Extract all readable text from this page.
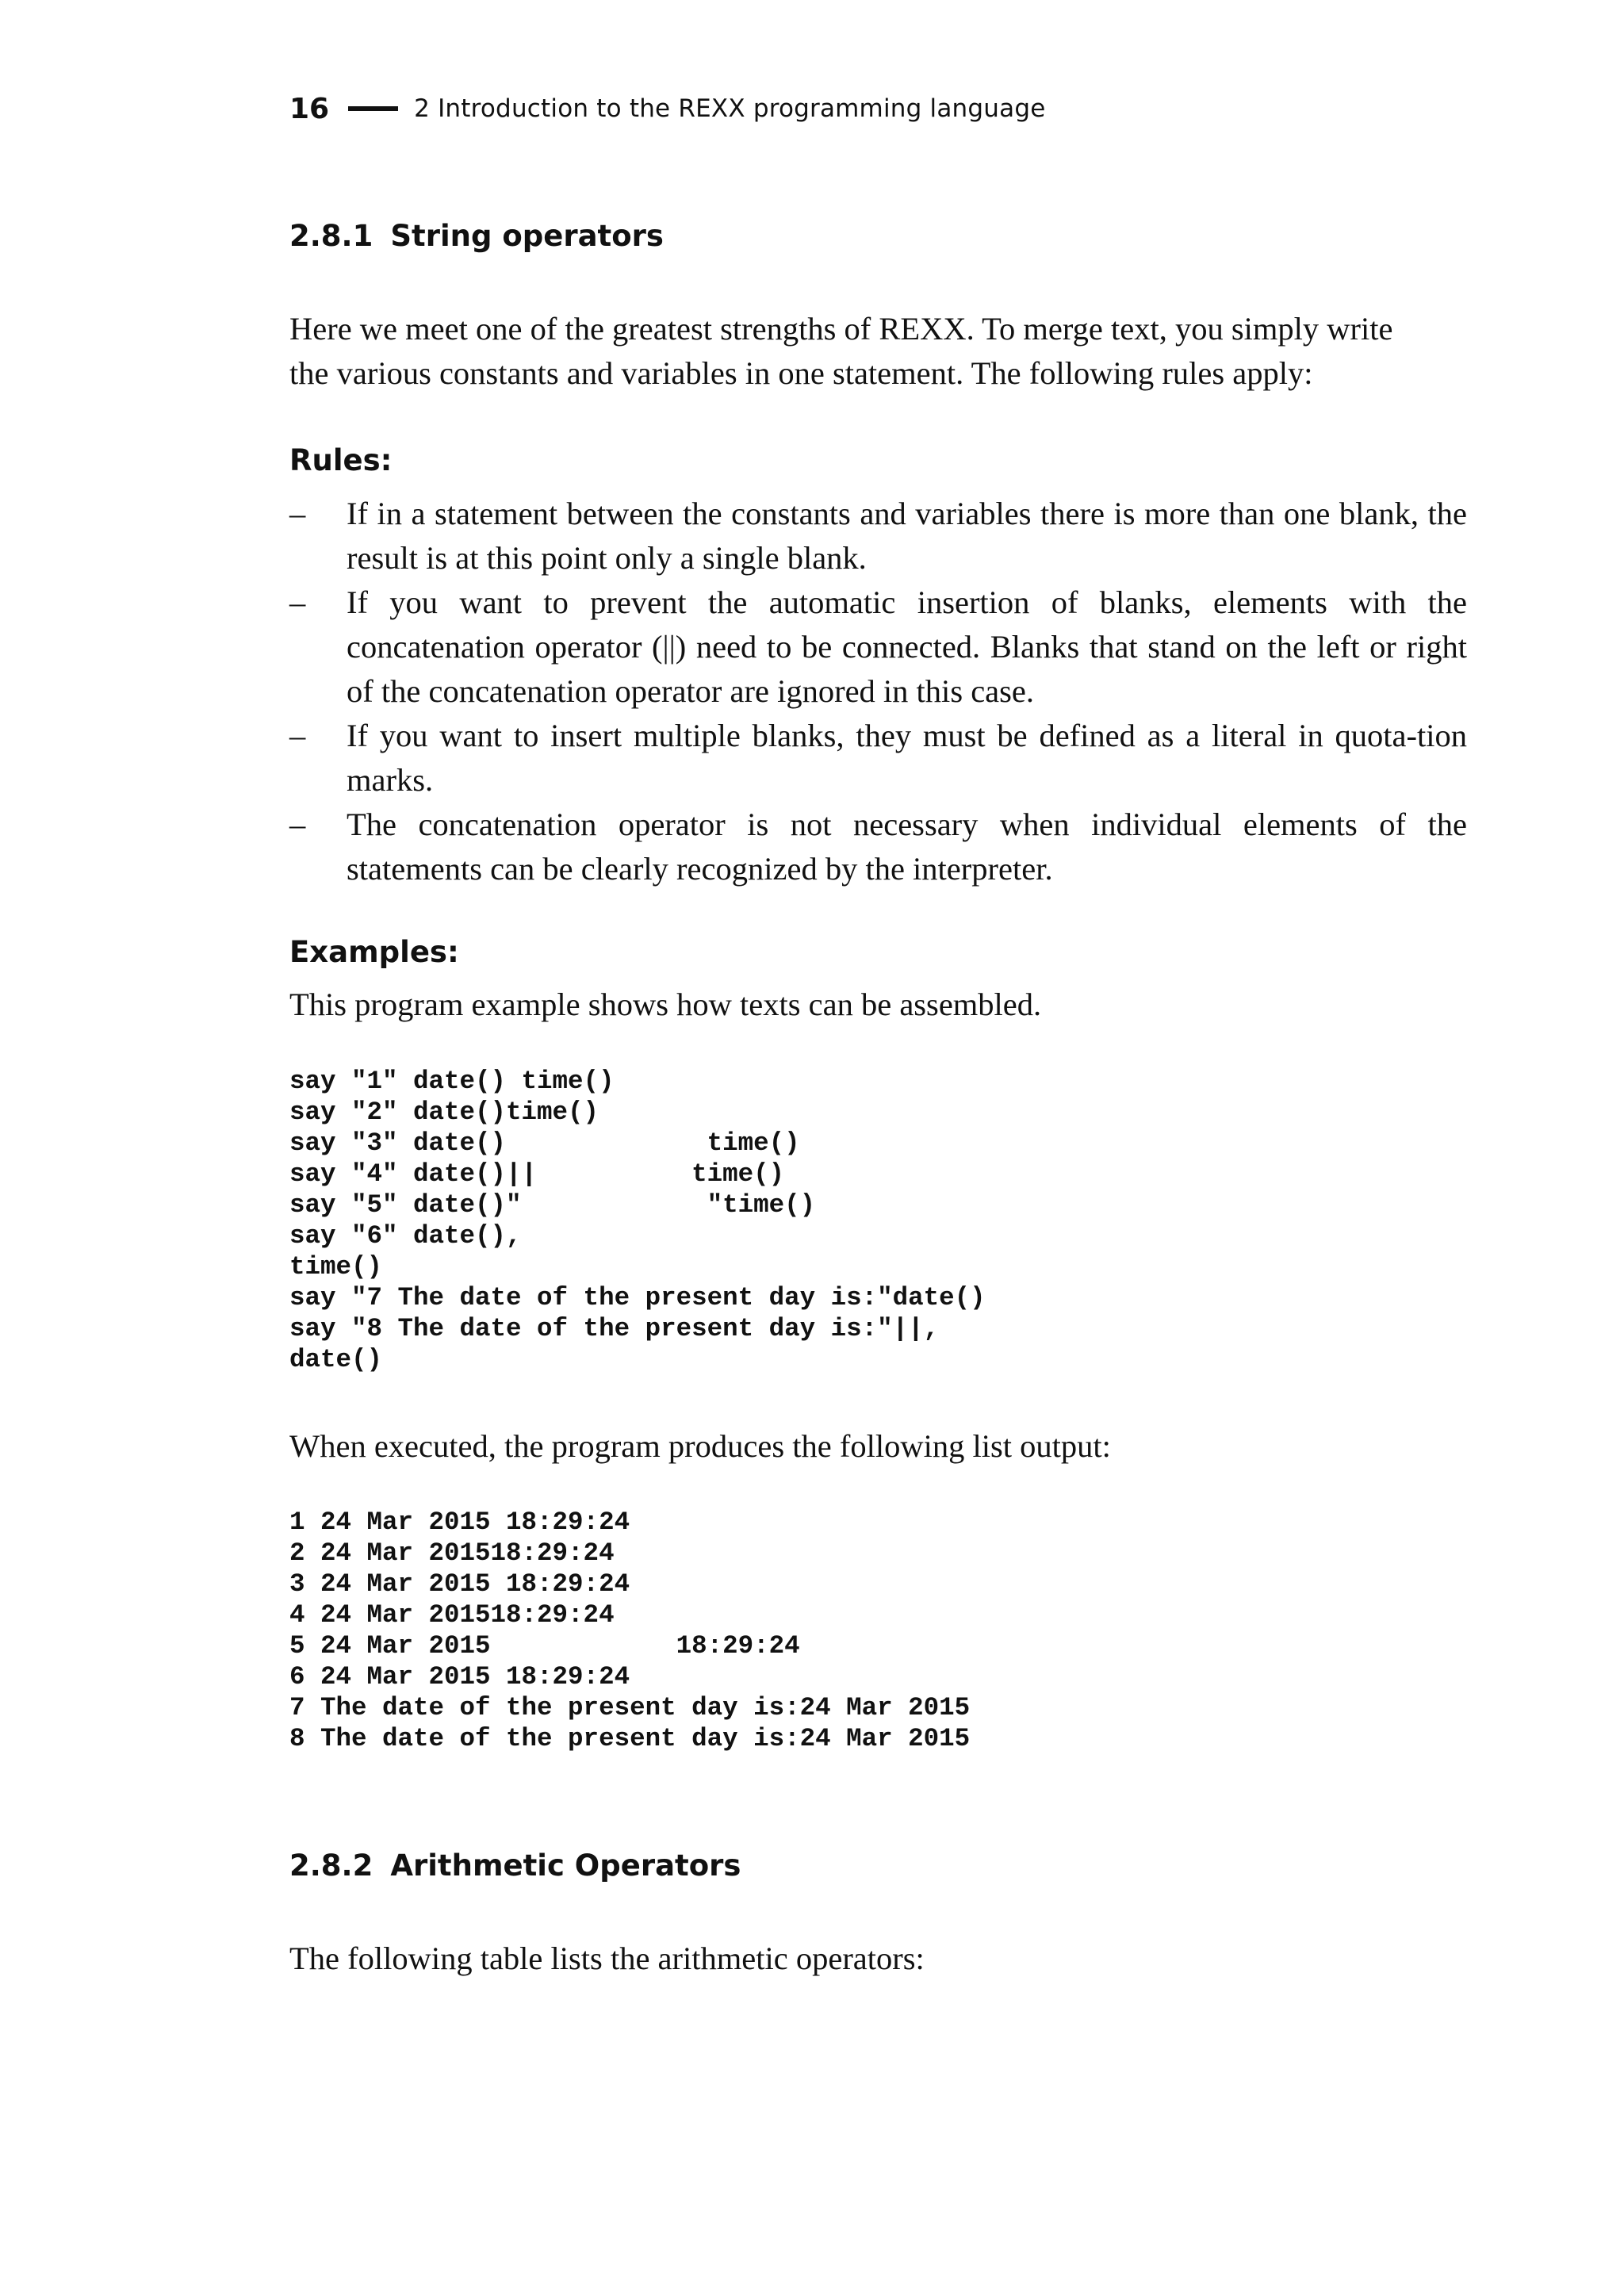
16	2 Introduction to the REXX programming language
2.8.1 String operators

Here we meet one of the greatest strengths of REXX. To merge text, you simply write

the various constants and variables in one statement. The following rules apply:

Rules:
– If in a statement between the constants and variables there is more than one blank, the result is at this point only a single blank.
– If you want to prevent the automatic insertion of blanks, elements with the concatenation operator (||) need to be connected. Blanks that stand on the left or right of the concatenation operator are ignored in this case.
– If you want to insert multiple blanks, they must be defined as a literal in quota-tion marks.
– The concatenation operator is not necessary when individual elements of the statements can be clearly recognized by the interpreter.
Examples:

This program example shows how texts can be assembled.

say "1" date() time()
say "2" date()time()
say "3" date()             time()
say "4" date()||          time()
say "5" date()"            "time()
say "6" date(),
time()
say "7 The date of the present day is:"date()
say "8 The date of the present day is:"||,
date()

When executed, the program produces the following list output:

1 24 Mar 2015 18:29:24
2 24 Mar 201518:29:24
3 24 Mar 2015 18:29:24
4 24 Mar 201518:29:24
5 24 Mar 2015            18:29:24
6 24 Mar 2015 18:29:24
7 The date of the present day is:24 Mar 2015
8 The date of the present day is:24 Mar 2015
2.8.2 Arithmetic Operators

The following table lists the arithmetic operators:
